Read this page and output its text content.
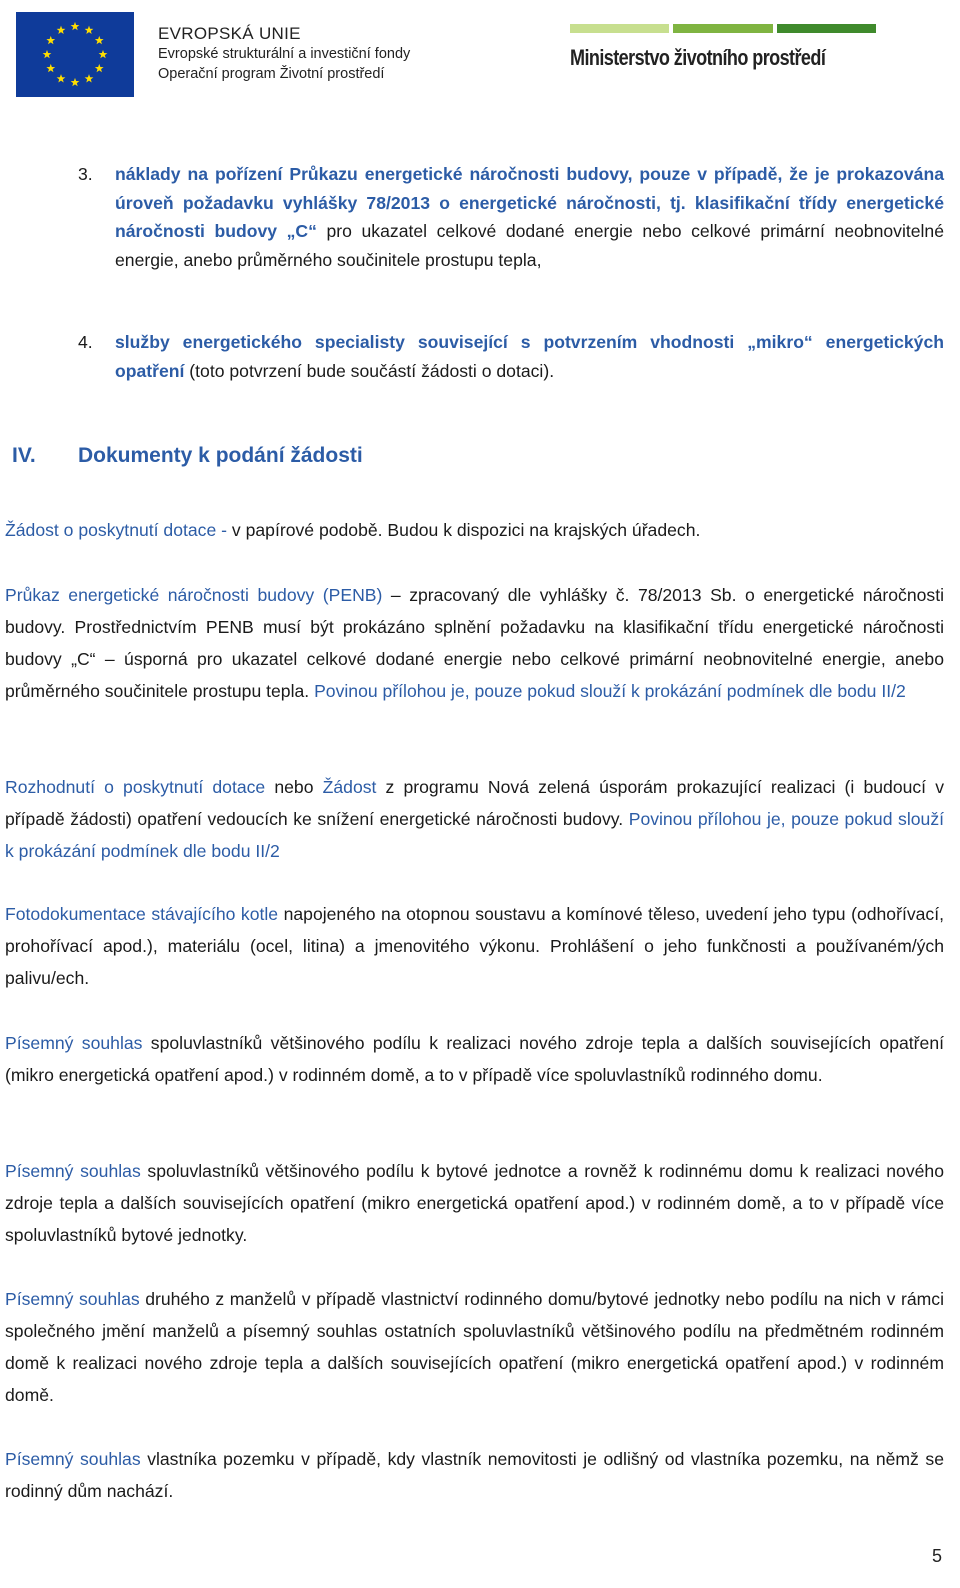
EVROPSKÁ UNIE
Evropské strukturální a investiční fondy
Operační program Životní prostředí
Ministerstvo životního prostředí
3. náklady na pořízení Průkazu energetické náročnosti budovy, pouze v případě, že je prokazována úroveň požadavku vyhlášky 78/2013 o energetické náročnosti, tj. klasifikační třídy energetické náročnosti budovy „C“ pro ukazatel celkové dodané energie nebo celkové primární neobnovitelné energie, anebo průměrného součinitele prostupu tepla,
4. služby energetického specialisty související s potvrzením vhodnosti „mikro“ energetických opatření (toto potvrzení bude součástí žádosti o dotaci).
IV. Dokumenty k podání žádosti
Žádost o poskytnutí dotace - v papírové podobě. Budou k dispozici na krajských úřadech.
Průkaz energetické náročnosti budovy (PENB) – zpracovaný dle vyhlášky č. 78/2013 Sb. o energetické náročnosti budovy. Prostřednictvím PENB musí být prokázáno splnění požadavku na klasifikační třídu energetické náročnosti budovy „C“ – úsporná pro ukazatel celkové dodané energie nebo celkové primární neobnovitelné energie, anebo průměrného součinitele prostupu tepla. Povinou přílohou je, pouze pokud slouží k prokázání podmínek dle bodu II/2
Rozhodnutí o poskytnutí dotace nebo Žádost z programu Nová zelená úsporám prokazující realizaci (i budoucí v případě žádosti) opatření vedoucích ke snížení energetické náročnosti budovy. Povinou přílohou je, pouze pokud slouží k prokázání podmínek dle bodu II/2
Fotodokumentace stávajícího kotle napojeného na otopnou soustavu a komínové těleso, uvedení jeho typu (odhořívací, prohořívací apod.), materiálu (ocel, litina) a jmenovitého výkonu. Prohlášení o jeho funkčnosti a používaném/ých palivu/ech.
Písemný souhlas spoluvlastníků většinového podílu k realizaci nového zdroje tepla a dalších souvisejících opatření (mikro energetická opatření apod.) v rodinném domě, a to v případě více spoluvlastníků rodinného domu.
Písemný souhlas spoluvlastníků většinového podílu k bytové jednotce a rovněž k rodinnému domu k realizaci nového zdroje tepla a dalších souvisejících opatření (mikro energetická opatření apod.) v rodinném domě, a to v případě více spoluvlastníků bytové jednotky.
Písemný souhlas druhého z manželů v případě vlastnictví rodinného domu/bytové jednotky nebo podílu na nich v rámci společného jmění manželů a písemný souhlas ostatních spoluvlastníků většinového podílu na předmětném rodinném domě k realizaci nového zdroje tepla a dalších souvisejících opatření (mikro energetická opatření apod.) v rodinném domě.
Písemný souhlas vlastníka pozemku v případě, kdy vlastník nemovitosti je odlišný od vlastníka pozemku, na němž se rodinný dům nachází.
5
